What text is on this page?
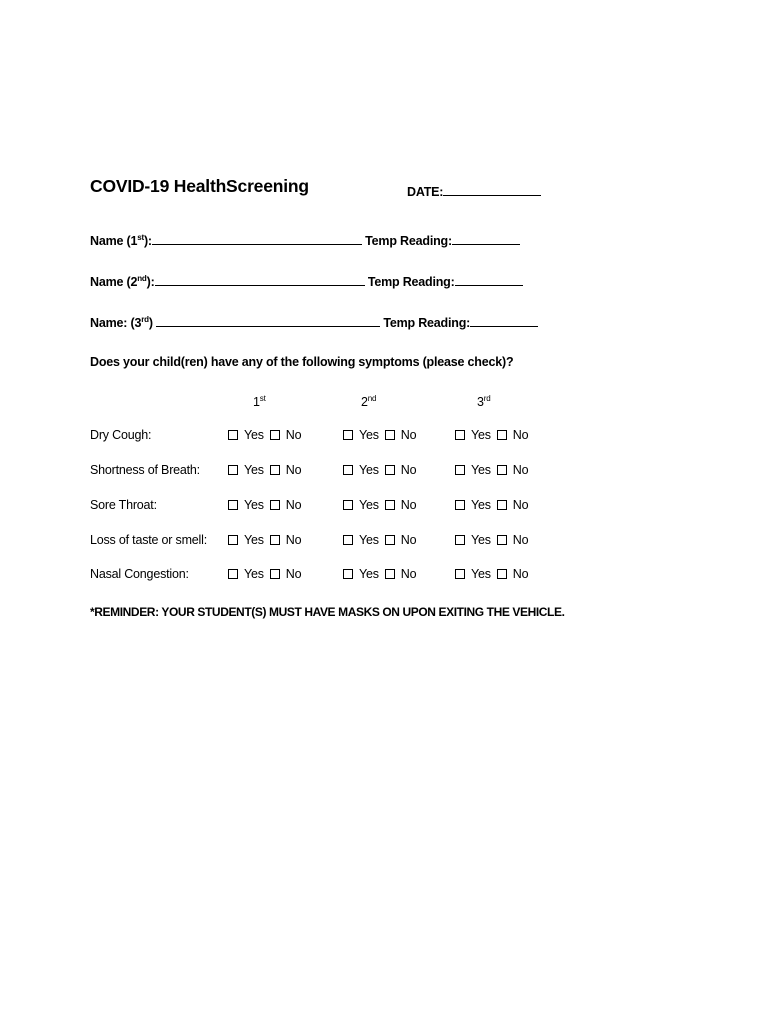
COVID-19 HealthScreening	DATE:
Name (1st):	Temp Reading:
Name (2nd):	Temp Reading:
Name: (3rd)	Temp Reading:
Does your child(ren) have any of the following symptoms (please check)?
1st	2nd	3rd
Dry Cough:	Yes No	Yes No	Yes No
Shortness of Breath:	Yes No	Yes No	Yes No
Sore Throat:	Yes No	Yes No	Yes No
Loss of taste or smell:	Yes No	Yes No	Yes No
Nasal Congestion:	Yes No	Yes No	Yes No
*REMINDER: YOUR STUDENT(S) MUST HAVE MASKS ON UPON EXITING THE VEHICLE.
